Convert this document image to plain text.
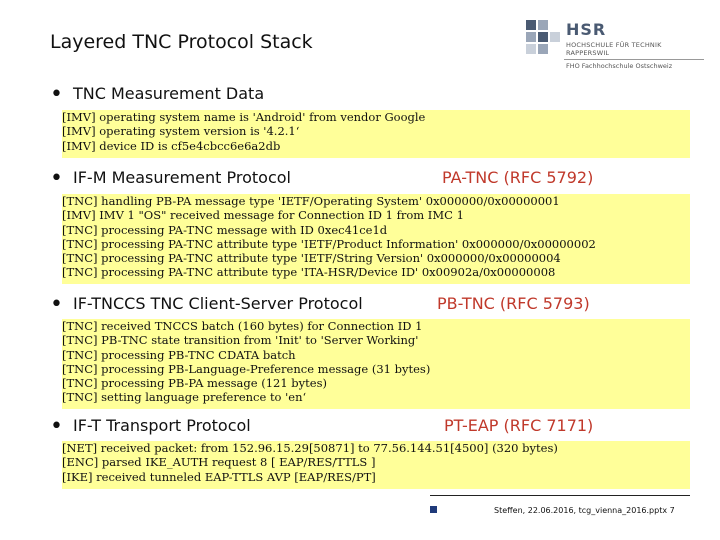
Layered TNC Protocol Stack
HSR
HOCHSCHULE FÜR TECHNIK
RAPPERSWIL
FHO Fachhochschule Ostschweiz
• TNC Measurement Data
[IMV] operating system name is 'Android' from vendor Google
[IMV] operating system version is '4.2.1‘
[IMV] device ID is cf5e4cbcc6e6a2db
• IF-M Measurement Protocol	PA-TNC (RFC 5792)
[TNC] handling PB-PA message type 'IETF/Operating System' 0x000000/0x00000001
[IMV] IMV 1 "OS" received message for Connection ID 1 from IMC 1
[TNC] processing PA-TNC message with ID 0xec41ce1d
[TNC] processing PA-TNC attribute type 'IETF/Product Information' 0x000000/0x00000002
[TNC] processing PA-TNC attribute type 'IETF/String Version' 0x000000/0x00000004
[TNC] processing PA-TNC attribute type 'ITA-HSR/Device ID' 0x00902a/0x00000008
• IF-TNCCS TNC Client-Server Protocol	PB-TNC (RFC 5793)
[TNC] received TNCCS batch (160 bytes) for Connection ID 1
[TNC] PB-TNC state transition from 'Init' to 'Server Working'
[TNC] processing PB-TNC CDATA batch
[TNC] processing PB-Language-Preference message (31 bytes)
[TNC] processing PB-PA message (121 bytes)
[TNC] setting language preference to 'en‘
• IF-T Transport Protocol	PT-EAP (RFC 7171)
[NET] received packet: from 152.96.15.29[50871] to 77.56.144.51[4500] (320 bytes)
[ENC] parsed IKE_AUTH request 8 [ EAP/RES/TTLS ]
[IKE] received tunneled EAP-TTLS AVP [EAP/RES/PT]
Steffen, 22.06.2016, tcg_vienna_2016.pptx 7
